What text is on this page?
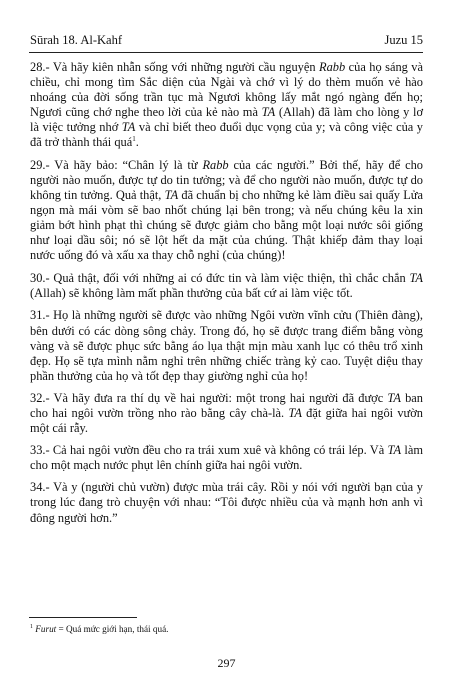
Sūrah 18. Al-Kahf	Juzu 15

28.- Và hãy kiên nhẫn sống với những người cầu nguyện Rabb của họ sáng và chiều, chỉ mong tìm Sắc diện của Ngài và chớ vì lý do thèm muốn vẻ hào nhoáng của đời sống trần tục mà Ngươi không lấy mắt ngó ngàng đến họ; Ngươi cũng chớ nghe theo lời của kẻ nào mà TA (Allah) đã làm cho lòng y lơ là việc tưởng nhớ TA và chỉ biết theo đuổi dục vọng của y; và công việc của y đã trở thành thái quá$^1$.

29.- Và hãy bảo: “Chân lý là từ Rabb của các người.” Bởi thế, hãy để cho người nào muốn, được tự do tin tưởng; và để cho người nào muốn, được tự do không tin tưởng. Quả thật, TA đã chuẩn bị cho những kẻ làm điều sai quấy Lửa ngọn mà mái vòm sẽ bao nhốt chúng lại bên trong; và nếu chúng kêu la xin giảm bớt hình phạt thì chúng sẽ được giảm cho bằng một loại nước sôi giống như loại dầu sôi; nó sẽ lột hết da mặt của chúng. Thật khiếp đảm thay loại nước uống đó và xấu xa thay chỗ nghỉ (của chúng)!

30.- Quả thật, đối với những ai có đức tin và làm việc thiện, thì chắc chắn TA (Allah) sẽ không làm mất phần thưởng của bất cứ ai làm việc tốt.

31.- Họ là những người sẽ được vào những Ngôi vườn vĩnh cửu (Thiên đàng), bên dưới có các dòng sông chảy. Trong đó, họ sẽ được trang điểm bằng vòng vàng và sẽ được phục sức bằng áo lụa thật mịn màu xanh lục có thêu trổ xinh đẹp. Họ sẽ tựa mình nằm nghỉ trên những chiếc tràng kỷ cao. Tuyệt diệu thay phần thưởng của họ và tốt đẹp thay giường nghỉ của họ!

32.- Và hãy đưa ra thí dụ về hai người: một trong hai người đã được TA ban cho hai ngôi vườn trồng nho rào bằng cây chà-là. TA đặt giữa hai ngôi vườn một cái rẫy.

33.- Cả hai ngôi vườn đều cho ra trái xum xuê và không có trái lép. Và TA làm cho một mạch nước phụt lên chính giữa hai ngôi vườn.

34.- Và y (người chủ vườn) được mùa trái cây. Rồi y nói với người bạn của y trong lúc đang trò chuyện với nhau: “Tôi được nhiều của và mạnh hơn anh vì đông người hơn.”

$^1$ Furut = Quá mức giới hạn, thái quá.
297
